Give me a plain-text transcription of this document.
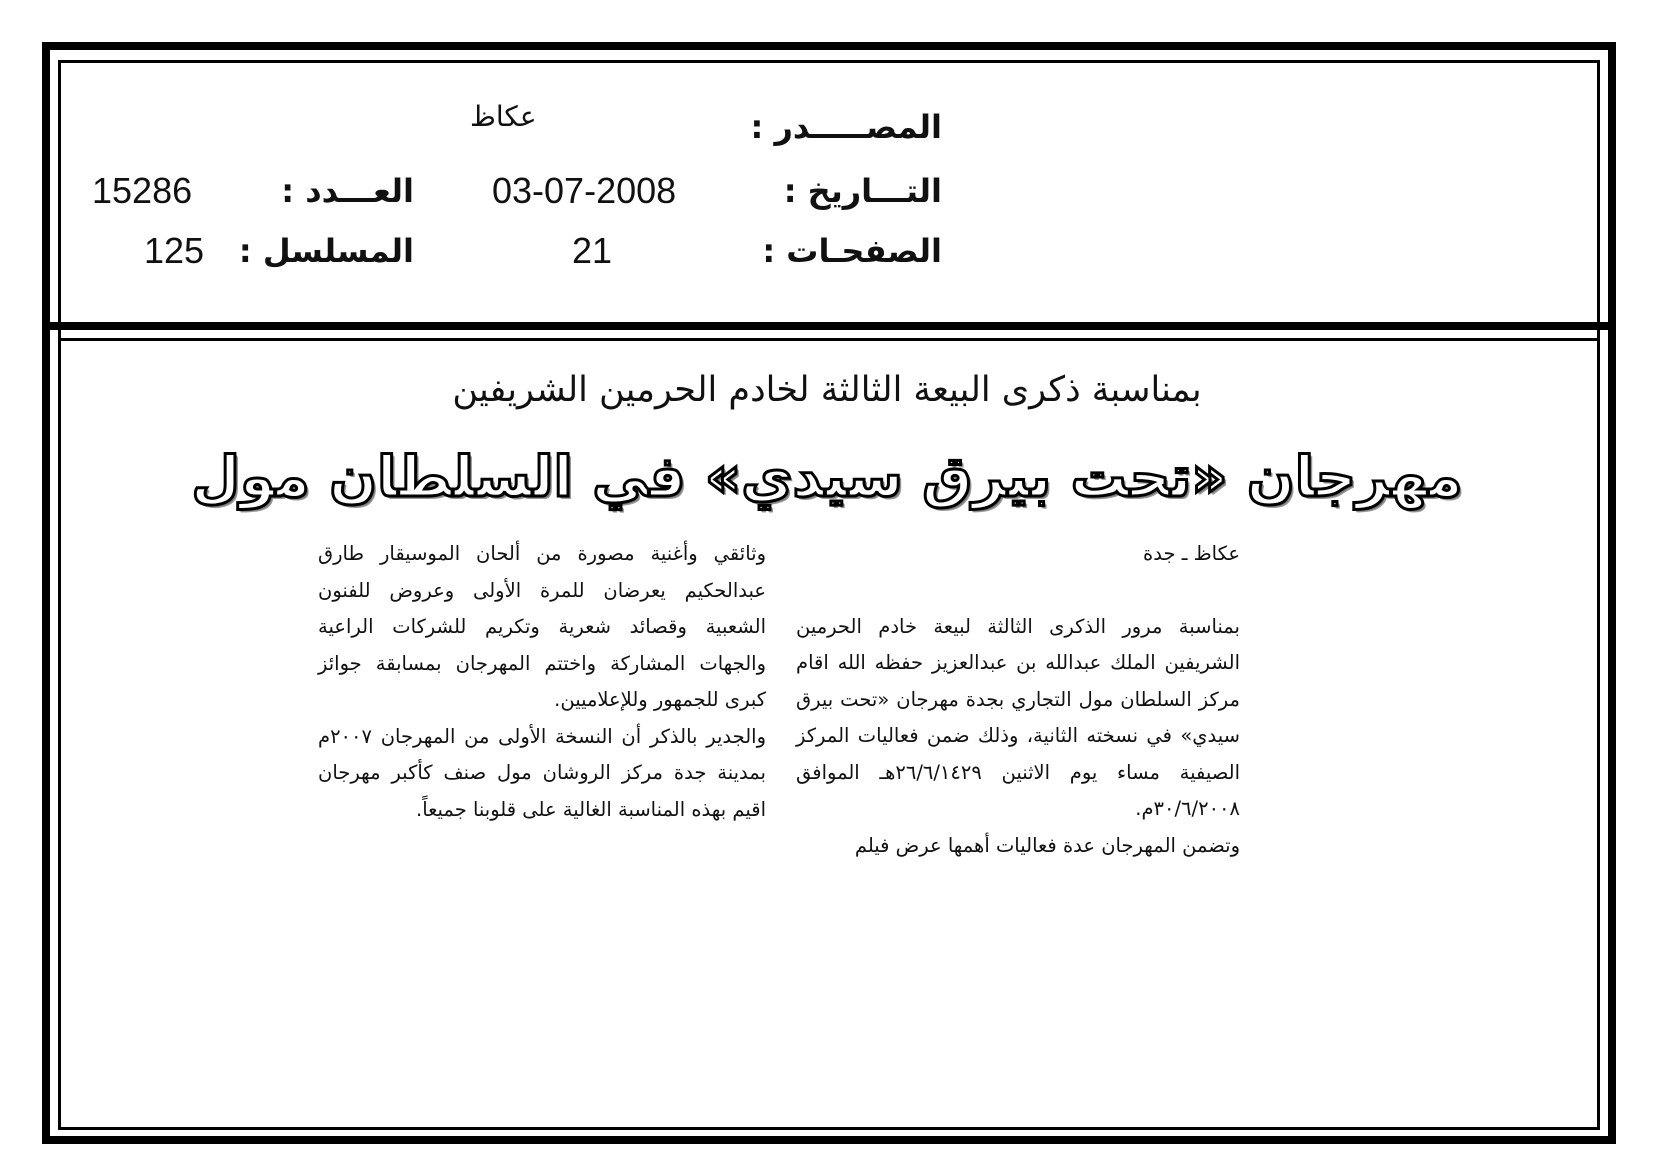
المصـــــدر :
عكاظ
التـــاريخ :
03-07-2008
العـــدد :
15286
الصفحـات :
21
المسلسل :
125
بمناسبة ذكرى البيعة الثالثة لخادم الحرمين الشريفين
مهرجان «تحت بيرق سيدي» في السلطان مول

عكاظ ـ جدة

بمناسبة مرور الذكرى الثالثة لبيعة خادم الحرمين الشريفين الملك عبدالله بن عبدالعزيز حفظه الله اقام مركز السلطان مول التجاري بجدة مهرجان «تحت بيرق سيدي» في نسخته الثانية، وذلك ضمن فعاليات المركز الصيفية مساء يوم الاثنين ٢٦/٦/١٤٢٩هـ الموافق ٣٠/٦/٢٠٠٨م.

وتضمن المهرجان عدة فعاليات أهمها عرض فيلم

وثائقي وأغنية مصورة من ألحان الموسيقار طارق عبدالحكيم يعرضان للمرة الأولى وعروض للفنون الشعبية وقصائد شعرية وتكريم للشركات الراعية والجهات المشاركة واختتم المهرجان بمسابقة جوائز كبرى للجمهور وللإعلاميين.

والجدير بالذكر أن النسخة الأولى من المهرجان ٢٠٠٧م بمدينة جدة مركز الروشان مول صنف كأكبر مهرجان اقيم بهذه المناسبة الغالية على قلوبنا جميعاً.
